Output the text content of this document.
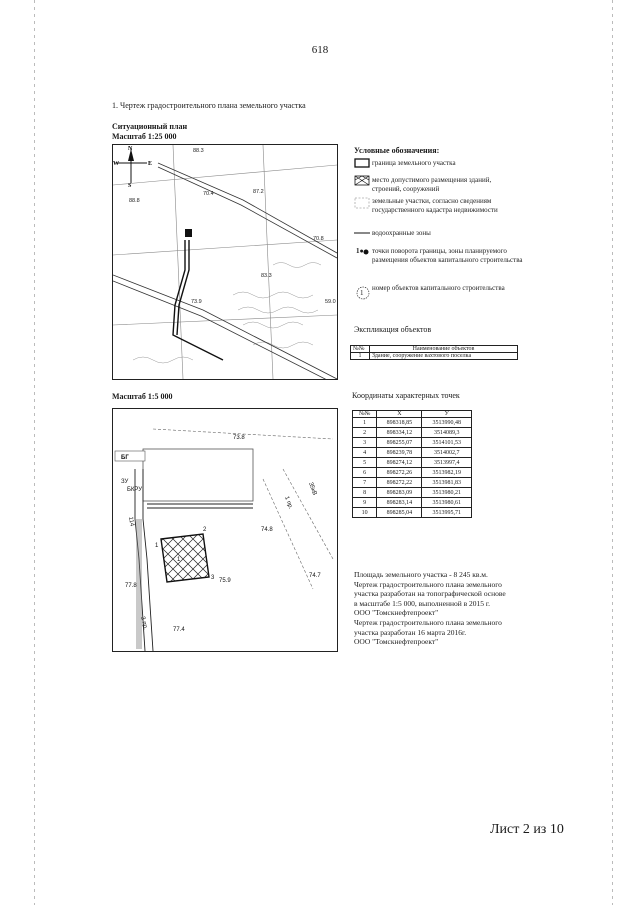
618
1. Чертеж градостроительного плана земельного участка
Ситуационный план
Масштаб 1:25 000
N
S
W	E
88.3
88.8
70.4	87.2
70.8
83.3
73.9	59.0
Условные обозначения:
граница земельного участка
место допустимого размещения зданий, строений, сооружений
земельные участки, согласно сведениям государственного кадастра недвижимости
водоохранные зоны
1● точки поворота границы, зоны планируемого размещения объектов капитального строительства
1
номер объектов капитального строительства
Экспликация объектов
№№	Наименование объектов
1	Здание, сооружение вахтового поселка
Масштаб 1:5 000
2
3
1
1
БГ
ЗУ
БКРУ
73.8
74.8
75.9
74.7
77.8
77.4
1 пр.
35кВ
114
3 пр.
Координаты характерных точек
№№	X	У
1	898318,85	3513990,48
2	898334,12	3514089,3
3	898255,07	3514101,53
4	898239,78	3514002,7
5	898274,12	3513997,4
6	898272,26	3513982,19
7	898272,22	3513981,83
8	898283,09	3513980,21
9	898283,14	3513980,61
10	898285,04	3513995,71
Площадь земельного участка - 8 245 кв.м.
Чертеж градостроительного плана земельного
участка разработан на топографической основе
в масштабе 1:5 000, выполненной в 2015 г.
ООО "Томскнефтепроект"
Чертеж градостроительного плана земельного
участка разработан 16 марта 2016г.
ООО "Томскнефтепроект"
Лист 2 из 10
